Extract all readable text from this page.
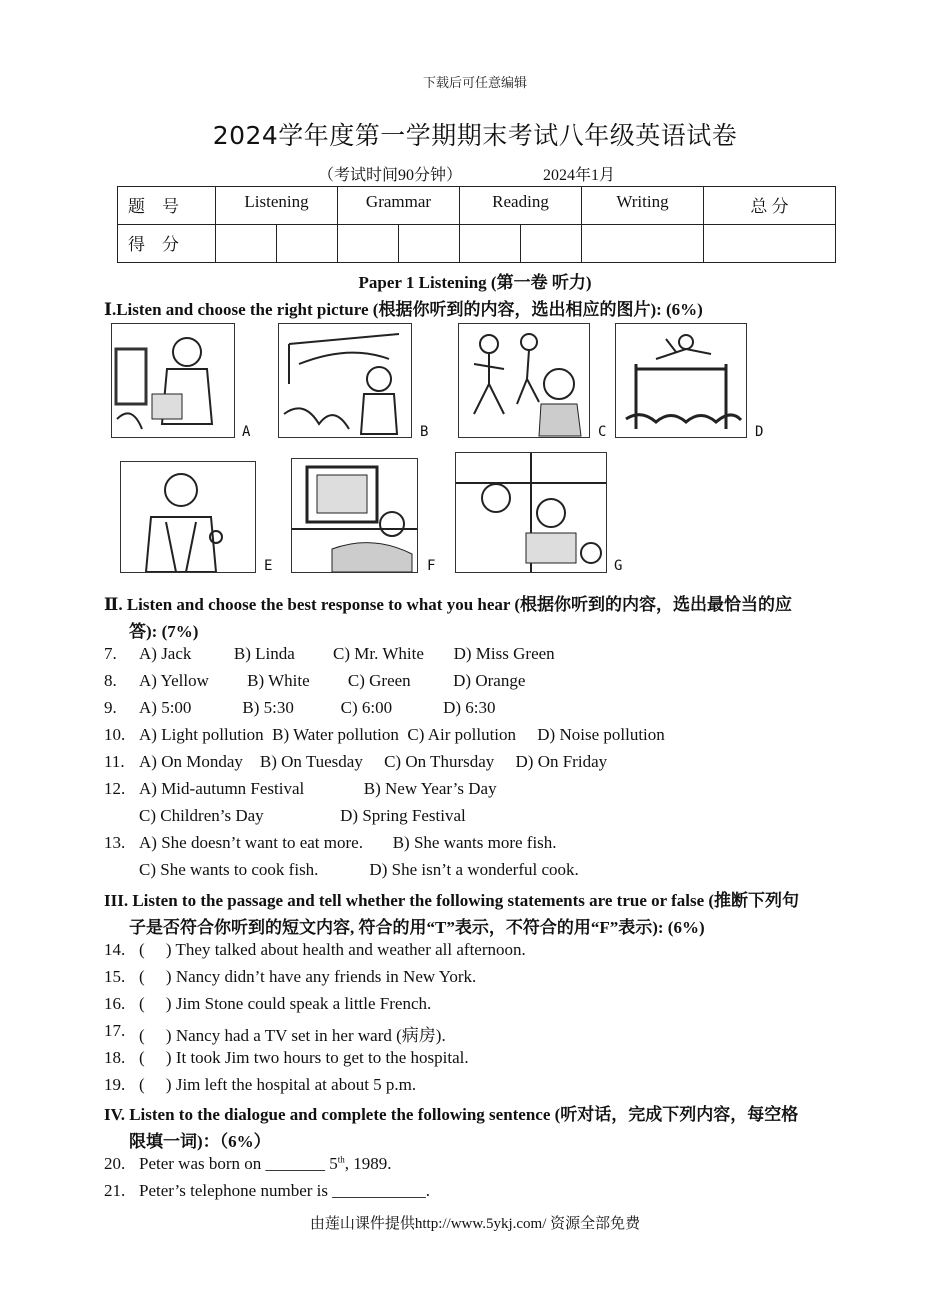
下载后可任意编辑
2024学年度第一学期期末考试八年级英语试卷
（考试时间90分钟）	2024年1月
题　号	Listening		Grammar		Reading		Writing	总 分
得　分								
Paper 1 Listening (第一卷 听力)
Ⅰ.Listen and choose the right picture (根据你听到的内容，选出相应的图片): (6%)
A	B	C	D
E	F	G
Ⅱ. Listen and choose the best response to what you hear (根据你听到的内容，选出最恰当的应
答): (7%)
7. A) Jack          B) Linda         C) Mr. White       D) Miss Green
8. A) Yellow         B) White         C) Green          D) Orange
9. A) 5:00            B) 5:30           C) 6:00            D) 6:30
10. A) Light pollution  B) Water pollution  C) Air pollution     D) Noise pollution
11. A) On Monday    B) On Tuesday     C) On Thursday     D) On Friday
12. A) Mid-autumn Festival              B) New Year’s Day
C) Children’s Day                  D) Spring Festival
13. A) She doesn’t want to eat more.       B) She wants more fish.
C) She wants to cook fish.            D) She isn’t a wonderful cook.
III. Listen to the passage and tell whether the following statements are true or false (推断下列句
子是否符合你听到的短文内容, 符合的用“T”表示，不符合的用“F”表示): (6%)
14. (     ) They talked about health and weather all afternoon.
15. (     ) Nancy didn’t have any friends in New York.
16. (     ) Jim Stone could speak a little French.
17. (     ) Nancy had a TV set in her ward (病房).
18. (     ) It took Jim two hours to get to the hospital.
19. (     ) Jim left the hospital at about 5 p.m.
IV. Listen to the dialogue and complete the following sentence (听对话，完成下列内容，每空格
限填一词)：（6%）
20. Peter was born on _______ 5th, 1989.
21. Peter’s telephone number is ___________.
由莲山课件提供http://www.5ykj.com/ 资源全部免费
